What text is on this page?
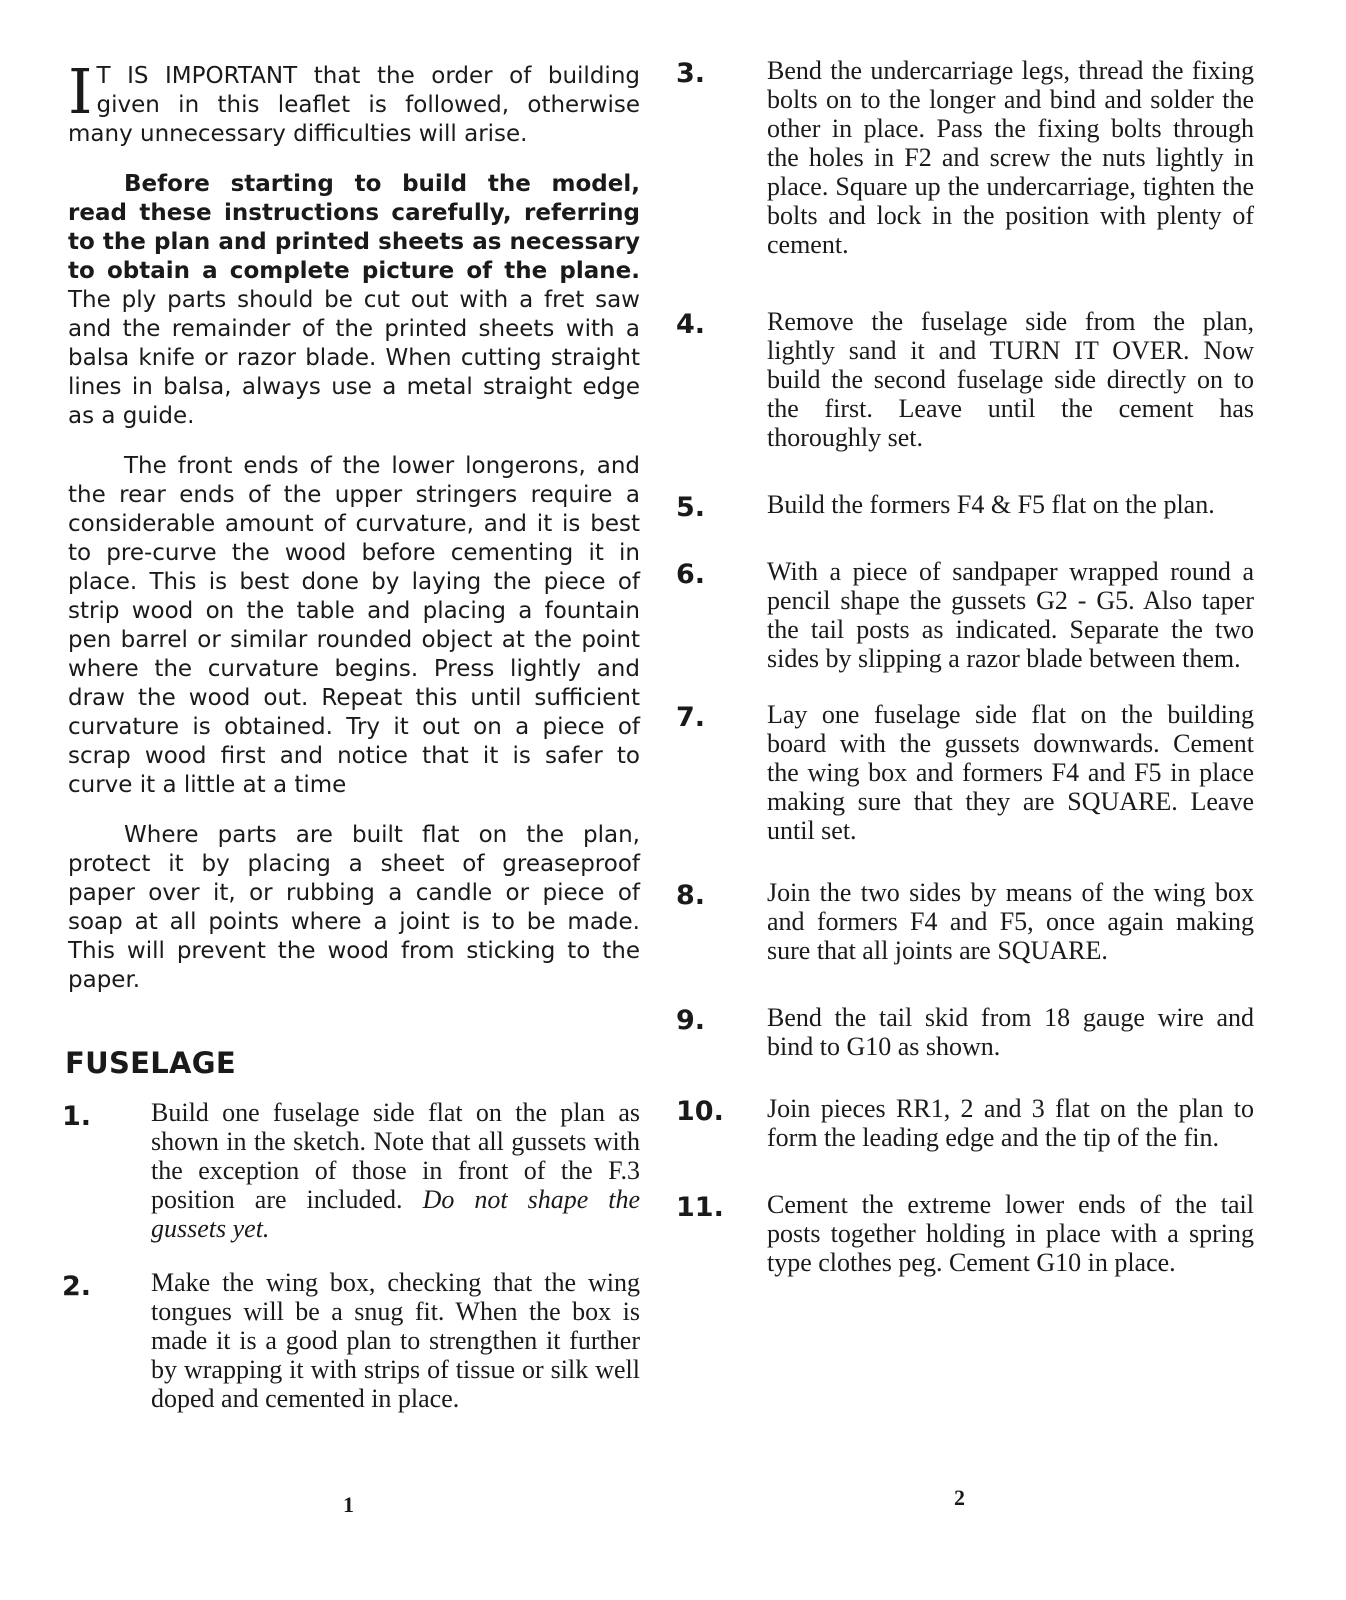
I T IS IMPORTANT that the order of building given in this leaflet is followed, otherwise many unnecessary difficulties will arise.

Before starting to build the model, read these instructions carefully, referring to the plan and printed sheets as necessary to obtain a complete picture of the plane. The ply parts should be cut out with a fret saw and the remainder of the printed sheets with a balsa knife or razor blade. When cutting straight lines in balsa, always use a metal straight edge as a guide.

The front ends of the lower longerons, and the rear ends of the upper stringers require a considerable amount of curvature, and it is best to pre-curve the wood before cementing it in place. This is best done by laying the piece of strip wood on the table and placing a fountain pen barrel or similar rounded object at the point where the curvature begins. Press lightly and draw the wood out. Repeat this until sufficient curvature is obtained. Try it out on a piece of scrap wood first and notice that it is safer to curve it a little at a time

Where parts are built flat on the plan, protect it by placing a sheet of greaseproof paper over it, or rubbing a candle or piece of soap at all points where a joint is to be made. This will prevent the wood from sticking to the paper.

FUSELAGE
1. Build one fuselage side flat on the plan as shown in the sketch. Note that all gussets with the exception of those in front of the F.3 position are included. Do not shape the gussets yet.
2. Make the wing box, checking that the wing tongues will be a snug fit. When the box is made it is a good plan to strengthen it further by wrapping it with strips of tissue or silk well doped and cemented in place.
3. Bend the undercarriage legs, thread the fixing bolts on to the longer and bind and solder the other in place. Pass the fixing bolts through the holes in F2 and screw the nuts lightly in place. Square up the undercarriage, tighten the bolts and lock in the position with plenty of cement.
4. Remove the fuselage side from the plan, lightly sand it and TURN IT OVER. Now build the second fuselage side directly on to the first. Leave until the cement has thoroughly set.
5. Build the formers F4 & F5 flat on the plan.
6. With a piece of sandpaper wrapped round a pencil shape the gussets G2 - G5. Also taper the tail posts as indicated. Separate the two sides by slipping a razor blade between them.
7. Lay one fuselage side flat on the building board with the gussets downwards. Cement the wing box and formers F4 and F5 in place making sure that they are SQUARE. Leave until set.
8. Join the two sides by means of the wing box and formers F4 and F5, once again making sure that all joints are SQUARE.
9. Bend the tail skid from 18 gauge wire and bind to G10 as shown.
10. Join pieces RR1, 2 and 3 flat on the plan to form the leading edge and the tip of the fin.
11. Cement the extreme lower ends of the tail posts together holding in place with a spring type clothes peg. Cement G10 in place.
1	2
